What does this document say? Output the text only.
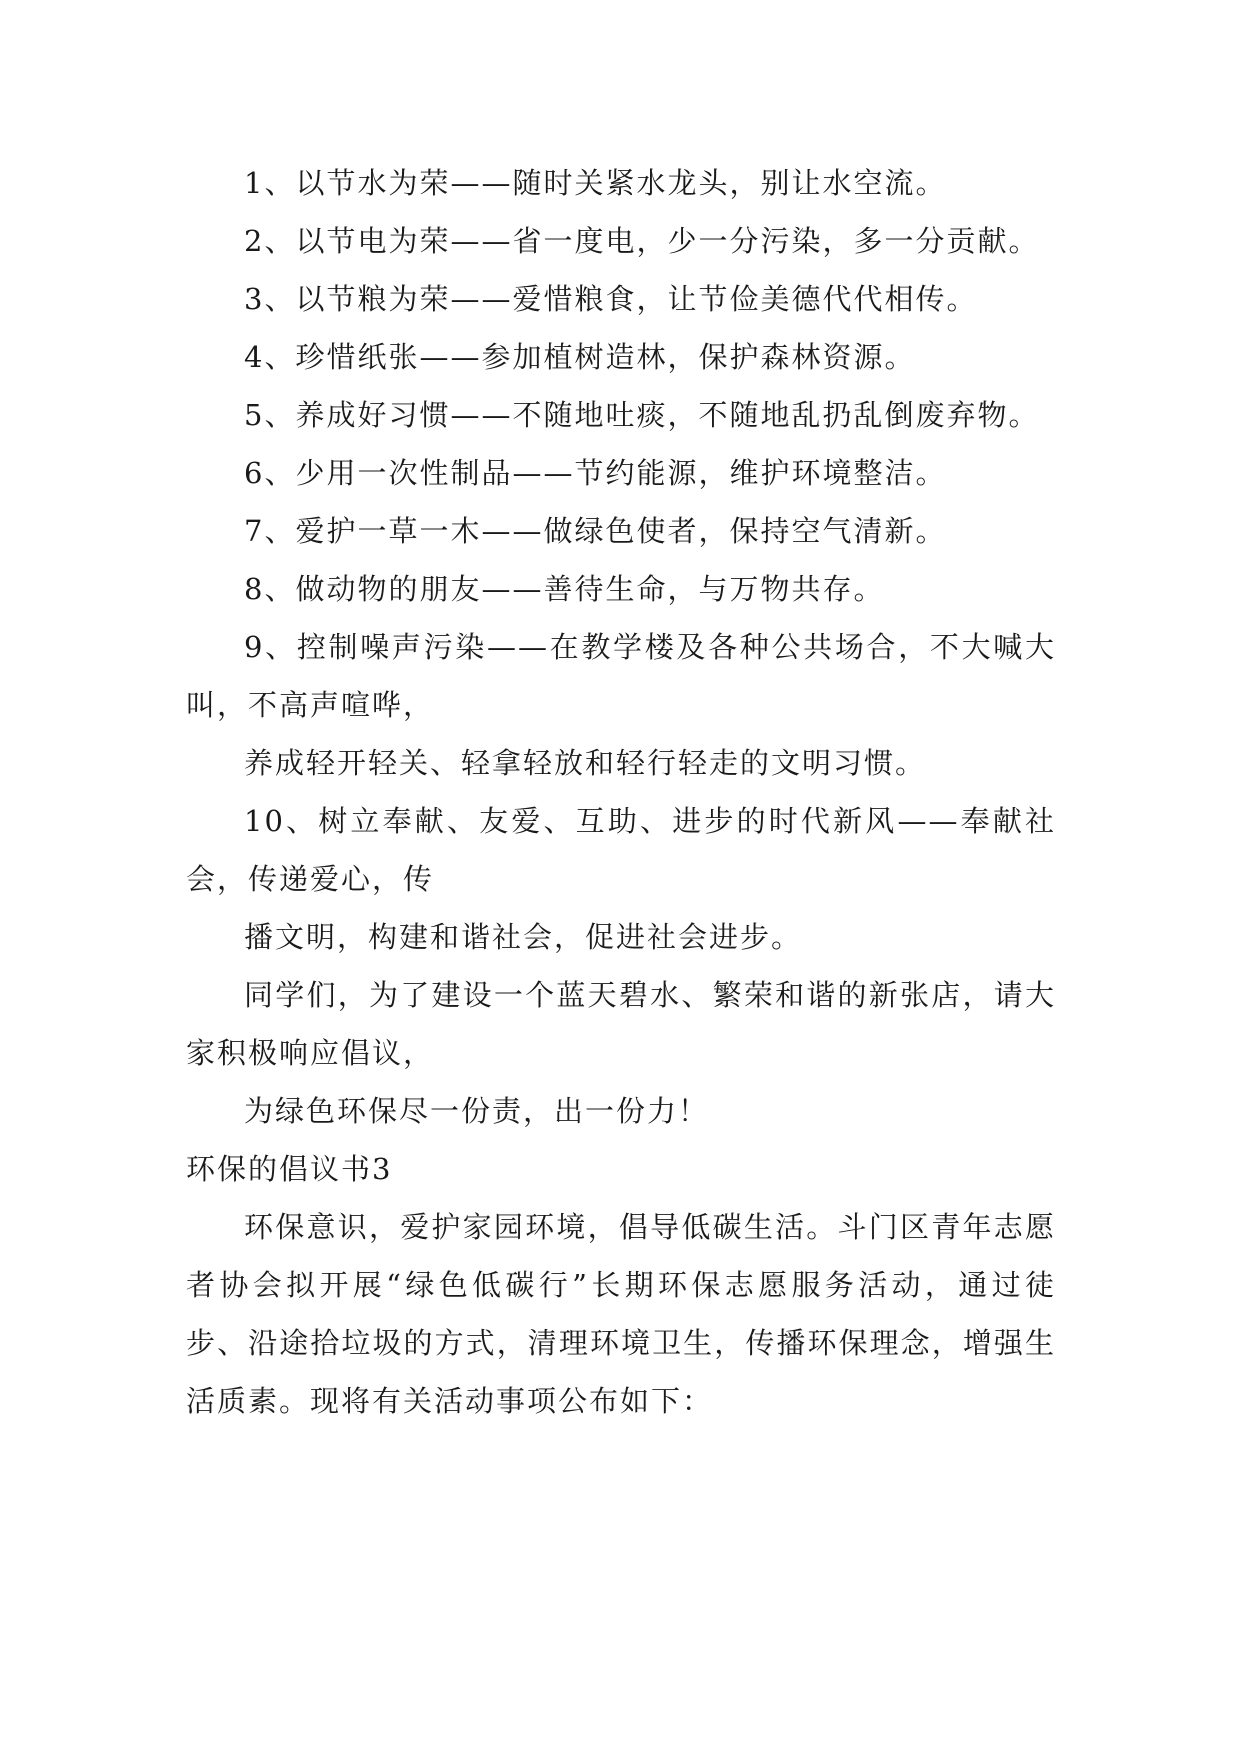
1、以节水为荣——随时关紧水龙头，别让水空流。

2、以节电为荣——省一度电，少一分污染，多一分贡献。

3、以节粮为荣——爱惜粮食，让节俭美德代代相传。

4、珍惜纸张——参加植树造林，保护森林资源。

5、养成好习惯——不随地吐痰，不随地乱扔乱倒废弃物。

6、少用一次性制品——节约能源，维护环境整洁。

7、爱护一草一木——做绿色使者，保持空气清新。

8、做动物的朋友——善待生命，与万物共存。

9、控制噪声污染——在教学楼及各种公共场合，不大喊大叫，不高声喧哗，

养成轻开轻关、轻拿轻放和轻行轻走的文明习惯。

10、树立奉献、友爱、互助、进步的时代新风——奉献社会，传递爱心，传

播文明，构建和谐社会，促进社会进步。

同学们，为了建设一个蓝天碧水、繁荣和谐的新张店，请大家积极响应倡议，

为绿色环保尽一份责，出一份力！

环保的倡议书3

环保意识，爱护家园环境，倡导低碳生活。斗门区青年志愿者协会拟开展“绿色低碳行”长期环保志愿服务活动，通过徒步、沿途拾垃圾的方式，清理环境卫生，传播环保理念，增强生活质素。现将有关活动事项公布如下：
